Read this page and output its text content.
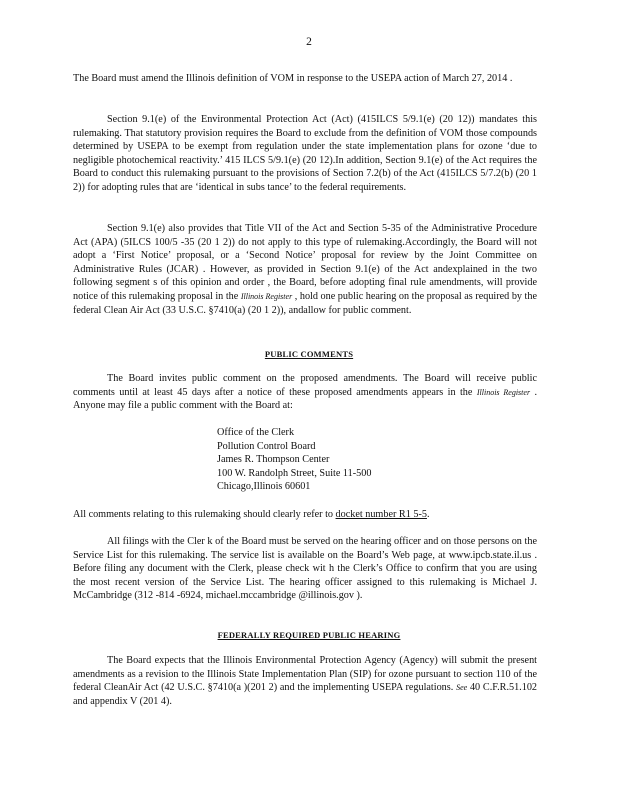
2
The Board must amend the Illinois definition of VOM in response to the USEPA action of March 27, 2014 .
Section 9.1(e) of the Environmental Protection Act (Act) (415ILCS 5/9.1(e) (20 12)) mandates this rulemaking. That statutory provision requires the Board to exclude from the definition of VOM those compounds determined by USEPA to be exempt from regulation under the state implementation plans for ozone ‘due to negligible photochemical reactivity.’ 415 ILCS 5/9.1(e) (20 12).In addition, Section 9.1(e) of the Act requires the Board to conduct this rulemaking pursuant to the provisions of Section 7.2(b) of the Act (415ILCS 5/7.2(b) (20 1 2)) for adopting rules that are ‘identical in subs tance’ to the federal requirements.
Section 9.1(e) also provides that Title VII of the Act and Section 5-35 of the Administrative Procedure Act (APA) (5ILCS 100/5 -35 (20 1 2)) do not apply to this type of rulemaking.Accordingly, the Board will not adopt a ‘First Notice’ proposal, or a ‘Second Notice’ proposal for review by the Joint Committee on Administrative Rules (JCAR) . However, as provided in Section 9.1(e) of the Act andexplained in the two following segment s of this opinion and order , the Board, before adopting final rule amendments, will provide notice of this rulemaking proposal in the Illinois Register , hold one public hearing on the proposal as required by the federal Clean Air Act (33 U.S.C. §7410(a) (20 1 2)), andallow for public comment.
PUBLIC COMMENTS
The Board invites public comment on the proposed amendments. The Board will receive public comments until at least 45 days after a notice of these proposed amendments appears in the Illinois Register . Anyone may file a public comment with the Board at:
Office of the Clerk
Pollution Control Board
James R. Thompson Center
100 W. Randolph Street, Suite 11-500
Chicago,Illinois 60601
All comments relating to this rulemaking should clearly refer to docket number R1 5-5.
All filings with the Cler k of the Board must be served on the hearing officer and on those persons on the Service List for this rulemaking. The service list is available on the Board’s Web page, at www.ipcb.state.il.us . Before filing any document with the Clerk, please check wit h the Clerk’s Office to confirm that you are using the most recent version of the Service List. The hearing officer assigned to this rulemaking is Michael J. McCambridge (312 -814 -6924, michael.mccambridge @illinois.gov ).
FEDERALLY REQUIRED PUBLIC HEARING
The Board expects that the Illinois Environmental Protection Agency (Agency) will submit the present amendments as a revision to the Illinois State Implementation Plan (SIP) for ozone pursuant to section 110 of the federal CleanAir Act (42 U.S.C. §7410(a )(201 2) and the implementing USEPA regulations. See 40 C.F.R.51.102 and appendix V (201 4).
